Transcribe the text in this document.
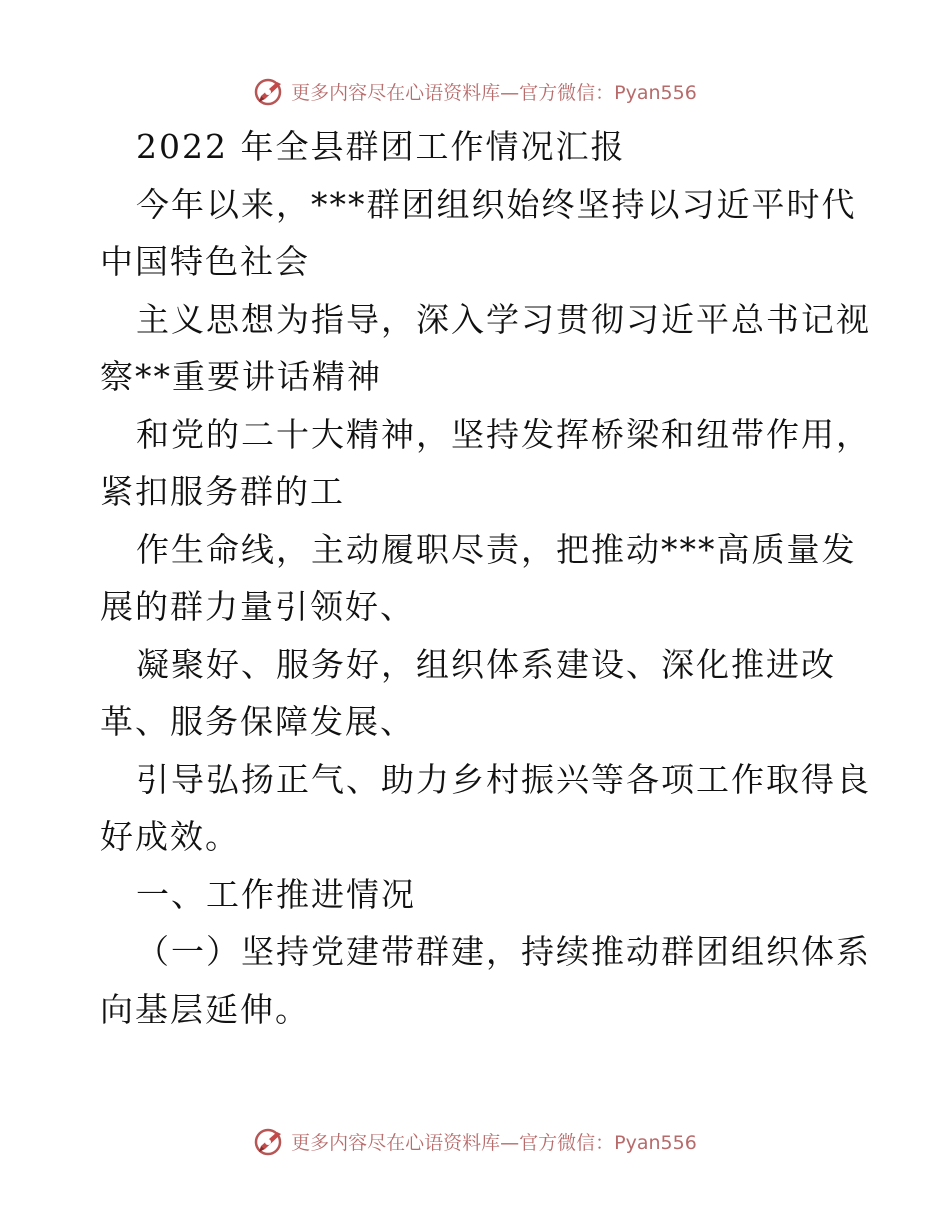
更多内容尽在心语资料库—官方微信：Pyan556
2022 年全县群团工作情况汇报
今年以来，***群团组织始终坚持以习近平时代
中国特色社会
主义思想为指导，深入学习贯彻习近平总书记视
察**重要讲话精神
和党的二十大精神，坚持发挥桥梁和纽带作用，
紧扣服务群的工
作生命线，主动履职尽责，把推动***高质量发
展的群力量引领好、
凝聚好、服务好，组织体系建设、深化推进改
革、服务保障发展、
引导弘扬正气、助力乡村振兴等各项工作取得良
好成效。
一、工作推进情况
（一）坚持党建带群建，持续推动群团组织体系
向基层延伸。
更多内容尽在心语资料库—官方微信：Pyan556
